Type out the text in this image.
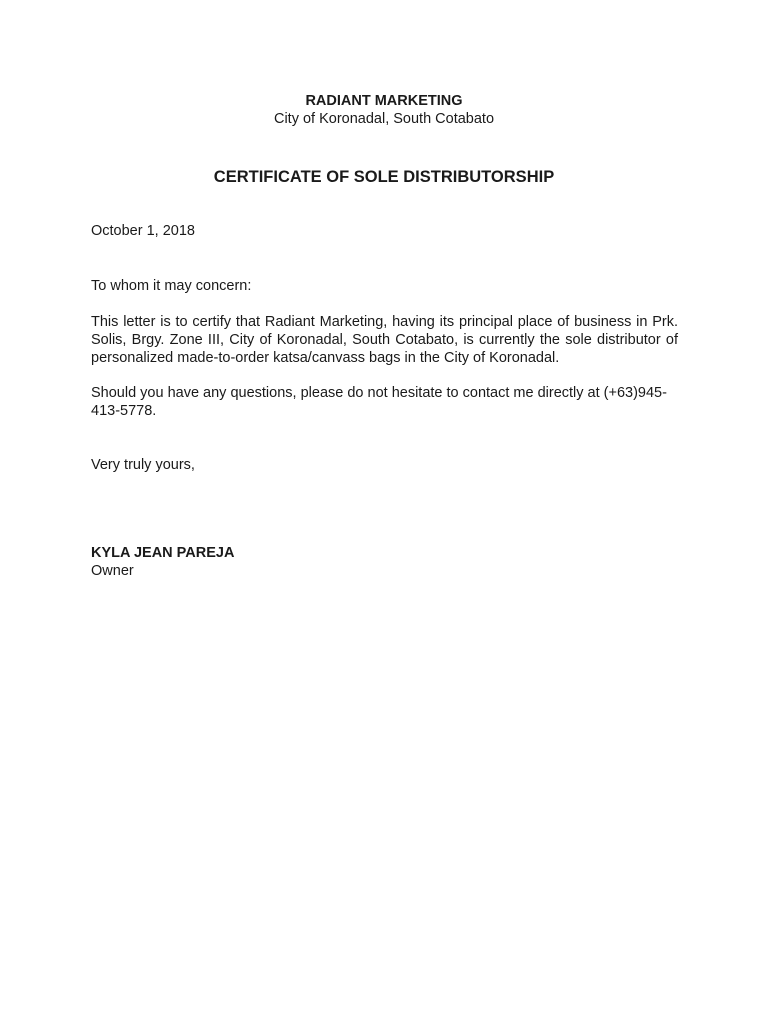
RADIANT MARKETING
City of Koronadal, South Cotabato
CERTIFICATE OF SOLE DISTRIBUTORSHIP

October 1, 2018

To whom it may concern:

This letter is to certify that Radiant Marketing, having its principal place of business in Prk. Solis, Brgy. Zone III, City of Koronadal, South Cotabato, is currently the sole distributor of personalized made-to-order katsa/canvass bags in the City of Koronadal.

Should you have any questions, please do not hesitate to contact me directly at (+63)945-413-5778.

Very truly yours,

KYLA JEAN PAREJA

Owner
